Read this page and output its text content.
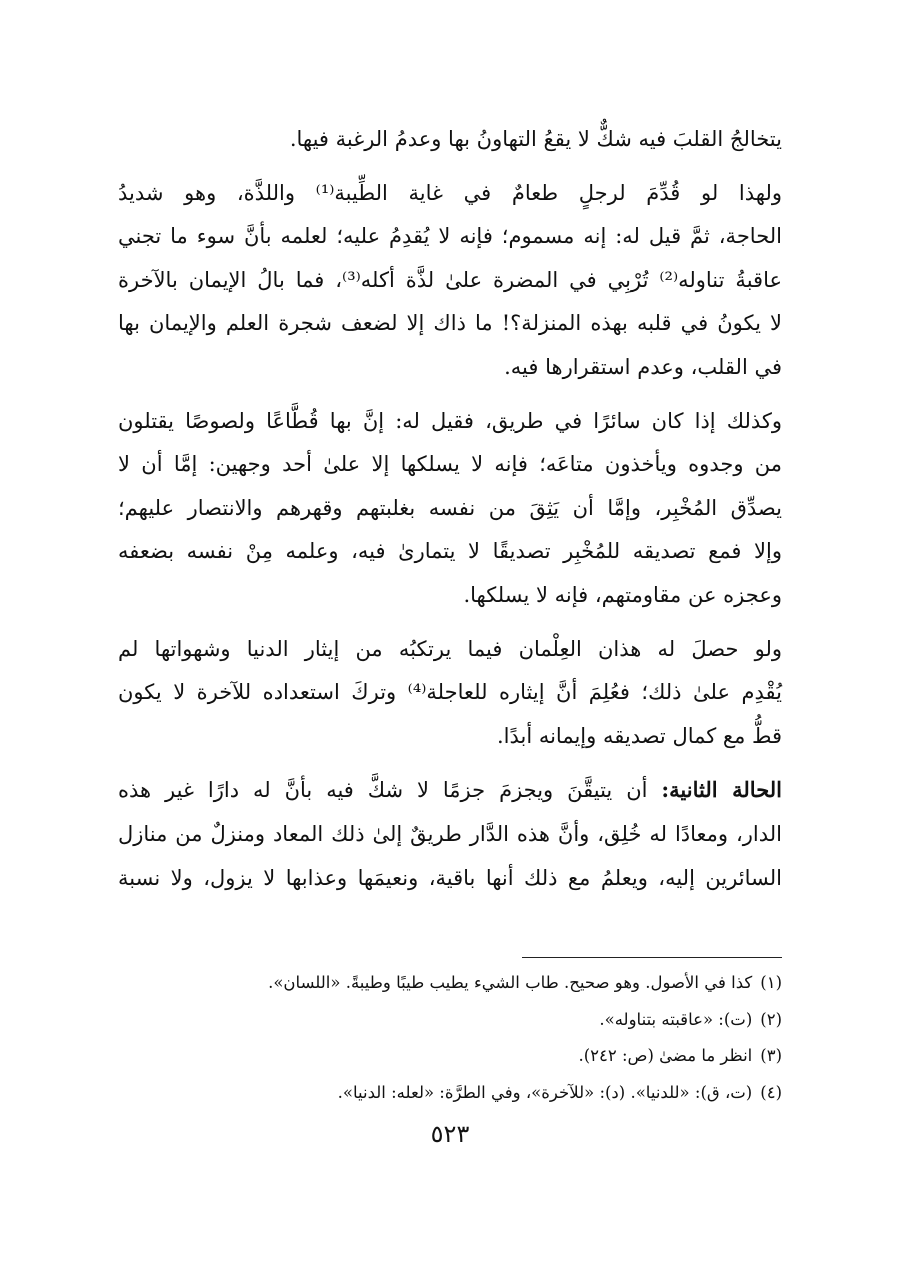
يتخالجُ القلبَ فيه شكٌّ لا يقعُ التهاونُ بها وعدمُ الرغبة فيها.
ولهذا لو قُدِّمَ لرجلٍ طعامٌ في غاية الطِّيبة⁽¹⁾ واللذَّة، وهو شديدُ
الحاجة، ثمَّ قيل له: إنه مسموم؛ فإنه لا يُقدِمُ عليه؛ لعلمه بأنَّ سوء ما تجني
عاقبةُ تناوله⁽²⁾ تُرْبِي في المضرة علىٰ لذَّة أكله⁽³⁾، فما بالُ الإيمان بالآخرة
لا يكونُ في قلبه بهذه المنزلة؟! ما ذاك إلا لضعف شجرة العلم والإيمان بها
في القلب، وعدم استقرارها فيه.
وكذلك إذا كان سائرًا في طريق، فقيل له: إنَّ بها قُطَّاعًا ولصوصًا يقتلون
من وجدوه ويأخذون متاعَه؛ فإنه لا يسلكها إلا علىٰ أحد وجهين: إمَّا أن لا
يصدِّق المُخْبِر، وإمَّا أن يَثِقَ من نفسه بغلبتهم وقهرهم والانتصار عليهم؛
وإلا فمع تصديقه للمُخْبِر تصديقًا لا يتمارىٰ فيه، وعلمه مِنْ نفسه بضعفه
وعجزه عن مقاومتهم، فإنه لا يسلكها.
ولو حصلَ له هذان العِلْمان فيما يرتكبُه من إيثار الدنيا وشهواتها لم
يُقْدِم علىٰ ذلك؛ فعُلِمَ أنَّ إيثاره للعاجلة⁽⁴⁾ وتركَ استعداده للآخرة لا يكون
قطُّ مع كمال تصديقه وإيمانه أبدًا.
الحالة الثانية: أن يتيقَّنَ ويجزمَ جزمًا لا شكَّ فيه بأنَّ له دارًا غير هذه
الدار، ومعادًا له خُلِق، وأنَّ هذه الدَّار طريقٌ إلىٰ ذلك المعاد ومنزلٌ من منازل
السائرين إليه، ويعلمُ مع ذلك أنها باقية، ونعيمَها وعذابها لا يزول، ولا نسبة

(١)كذا في الأصول. وهو صحيح. طاب الشيء يطيب طيبًا وطيبةً. «اللسان».

(٢)(ت): «عاقبته بتناوله».

(٣)انظر ما مضىٰ (ص: ٢٤٢).

(٤)(ت، ق): «للدنيا». (د): «للآخرة»، وفي الطرَّة: «لعله: الدنيا».

٥٢٣
